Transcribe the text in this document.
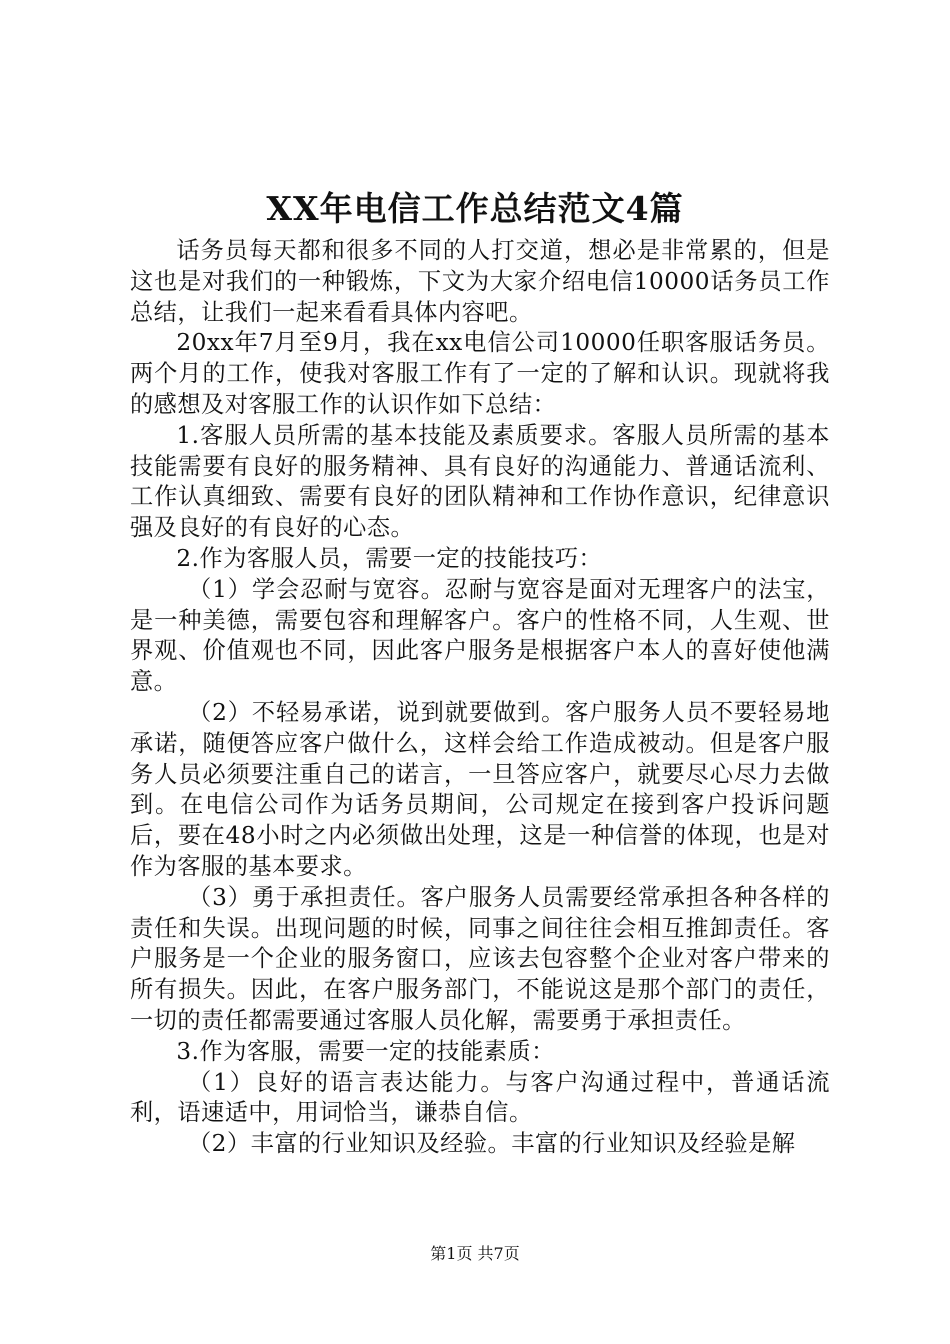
XX年电信工作总结范文4篇

话务员每天都和很多不同的人打交道，想必是非常累的，但是这也是对我们的一种锻炼，下文为大家介绍电信10000话务员工作总结，让我们一起来看看具体内容吧。

20xx年7月至9月，我在xx电信公司10000任职客服话务员。两个月的工作，使我对客服工作有了一定的了解和认识。现就将我的感想及对客服工作的认识作如下总结：

1.客服人员所需的基本技能及素质要求。客服人员所需的基本技能需要有良好的服务精神、具有良好的沟通能力、普通话流利、工作认真细致、需要有良好的团队精神和工作协作意识，纪律意识强及良好的有良好的心态。

2.作为客服人员，需要一定的技能技巧：

（1）学会忍耐与宽容。忍耐与宽容是面对无理客户的法宝，是一种美德，需要包容和理解客户。客户的性格不同，人生观、世界观、价值观也不同，因此客户服务是根据客户本人的喜好使他满意。

（2）不轻易承诺，说到就要做到。客户服务人员不要轻易地承诺，随便答应客户做什么，这样会给工作造成被动。但是客户服务人员必须要注重自己的诺言，一旦答应客户，就要尽心尽力去做到。在电信公司作为话务员期间，公司规定在接到客户投诉问题后，要在48小时之内必须做出处理，这是一种信誉的体现，也是对作为客服的基本要求。

（3）勇于承担责任。客户服务人员需要经常承担各种各样的责任和失误。出现问题的时候，同事之间往往会相互推卸责任。客户服务是一个企业的服务窗口，应该去包容整个企业对客户带来的所有损失。因此，在客户服务部门，不能说这是那个部门的责任，一切的责任都需要通过客服人员化解，需要勇于承担责任。

3.作为客服，需要一定的技能素质：

（1）良好的语言表达能力。与客户沟通过程中，普通话流利，语速适中，用词恰当，谦恭自信。

（2）丰富的行业知识及经验。丰富的行业知识及经验是解

第1页 共7页
